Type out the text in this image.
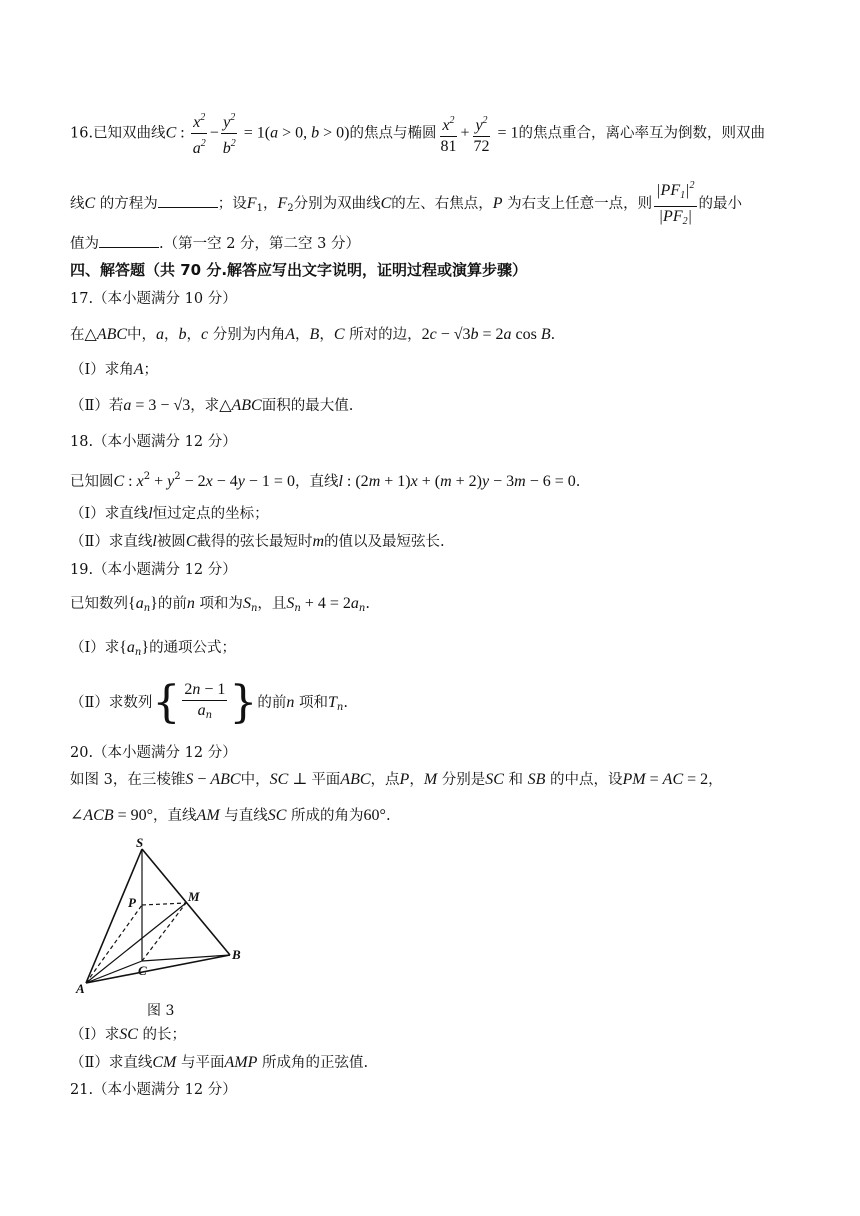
16.已知双曲线C : $\frac{x^2}{a^2} - \frac{y^2}{b^2} = 1(a > 0$, b > 0)的焦点与椭圆 $\frac{x^2}{81} + \frac{y^2}{72} = 1$的焦点重合，离心率互为倒数，则双曲
线C 的方程为	；设$F_1$，$F_2$分别为双曲线C的左、右焦点，P 为右支上任意一点，则 $\frac{|PF_1|^2}{|PF_2|}$ 的最小
值为	.（第一空 2 分，第二空 3 分）
四、解答题（共 70 分.解答应写出文字说明，证明过程或演算步骤）
17.（本小题满分 10 分）
在△ABC中，a，b，c 分别为内角A，B，C 所对的边，2c − √3b = 2a cos B.
（Ⅰ）求角A；
（Ⅱ）若a = 3 − √3，求△ABC面积的最大值.
18.（本小题满分 12 分）
已知圆C : $x^2 + y^2 - 2x - 4y - 1 = 0$，直线l : (2m + 1)x + (m + 2)y − 3m − 6 = 0.
（Ⅰ）求直线l恒过定点的坐标；
（Ⅱ）求直线l被圆C截得的弦长最短时m的值以及最短弦长.
19.（本小题满分 12 分）
已知数列$\{a_n\}$的前n 项和为$S_n$，且$S_n + 4 = 2a_n$.
（Ⅰ）求$\{a_n\}$的通项公式；
（Ⅱ）求数列{ $\frac{2n - 1}{a_n}$ }的前n 项和$T_n$.
20.（本小题满分 12 分）
如图 3，在三棱锥S − ABC中，SC ⊥ 平面ABC，点P，M 分别是SC 和 SB 的中点，设PM = AC = 2，
∠ACB = 90°，直线AM 与直线SC 所成的角为60°.
S
P	M
C
A
B
图 3
（Ⅰ）求SC 的长；
（Ⅱ）求直线CM 与平面AMP 所成角的正弦值.
21.（本小题满分 12 分）
